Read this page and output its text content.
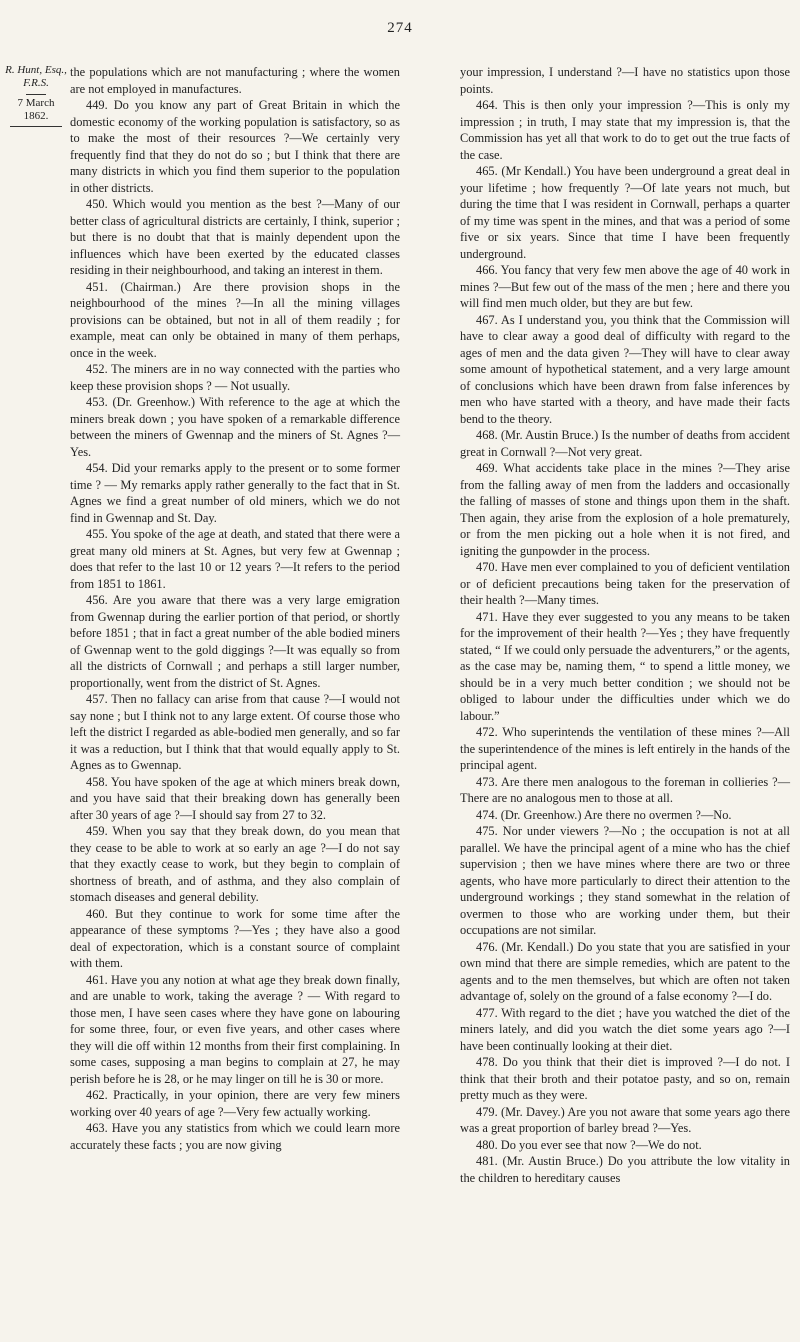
274
R. Hunt, Esq.,
F.R.S.
7 March 1862.

the populations which are not manufacturing ; where the women are not employed in manufactures.

449. Do you know any part of Great Britain in which the domestic economy of the working population is satisfactory, so as to make the most of their resources ?—We certainly very frequently find that they do not do so ; but I think that there are many districts in which you find them superior to the population in other districts.

450. Which would you mention as the best ?—Many of our better class of agricultural districts are certainly, I think, superior ; but there is no doubt that that is mainly dependent upon the influences which have been exerted by the educated classes residing in their neighbourhood, and taking an interest in them.

451. (Chairman.) Are there provision shops in the neighbourhood of the mines ?—In all the mining villages provisions can be obtained, but not in all of them readily ; for example, meat can only be obtained in many of them perhaps, once in the week.

452. The miners are in no way connected with the parties who keep these provision shops ? — Not usually.

453. (Dr. Greenhow.) With reference to the age at which the miners break down ; you have spoken of a remarkable difference between the miners of Gwennap and the miners of St. Agnes ?—Yes.

454. Did your remarks apply to the present or to some former time ? — My remarks apply rather generally to the fact that in St. Agnes we find a great number of old miners, which we do not find in Gwennap and St. Day.

455. You spoke of the age at death, and stated that there were a great many old miners at St. Agnes, but very few at Gwennap ; does that refer to the last 10 or 12 years ?—It refers to the period from 1851 to 1861.

456. Are you aware that there was a very large emigration from Gwennap during the earlier portion of that period, or shortly before 1851 ; that in fact a great number of the able bodied miners of Gwennap went to the gold diggings ?—It was equally so from all the districts of Cornwall ; and perhaps a still larger number, proportionally, went from the district of St. Agnes.

457. Then no fallacy can arise from that cause ?—I would not say none ; but I think not to any large extent. Of course those who left the district I regarded as able-bodied men generally, and so far it was a reduction, but I think that that would equally apply to St. Agnes as to Gwennap.

458. You have spoken of the age at which miners break down, and you have said that their breaking down has generally been after 30 years of age ?—I should say from 27 to 32.

459. When you say that they break down, do you mean that they cease to be able to work at so early an age ?—I do not say that they exactly cease to work, but they begin to complain of shortness of breath, and of asthma, and they also complain of stomach diseases and general debility.

460. But they continue to work for some time after the appearance of these symptoms ?—Yes ; they have also a good deal of expectoration, which is a constant source of complaint with them.

461. Have you any notion at what age they break down finally, and are unable to work, taking the average ? — With regard to those men, I have seen cases where they have gone on labouring for some three, four, or even five years, and other cases where they will die off within 12 months from their first complaining. In some cases, supposing a man begins to complain at 27, he may perish before he is 28, or he may linger on till he is 30 or more.

462. Practically, in your opinion, there are very few miners working over 40 years of age ?—Very few actually working.

463. Have you any statistics from which we could learn more accurately these facts ; you are now giving

your impression, I understand ?—I have no statistics upon those points.

464. This is then only your impression ?—This is only my impression ; in truth, I may state that my impression is, that the Commission has yet all that work to do to get out the true facts of the case.

465. (Mr Kendall.) You have been underground a great deal in your lifetime ; how frequently ?—Of late years not much, but during the time that I was resident in Cornwall, perhaps a quarter of my time was spent in the mines, and that was a period of some five or six years. Since that time I have been frequently underground.

466. You fancy that very few men above the age of 40 work in mines ?—But few out of the mass of the men ; here and there you will find men much older, but they are but few.

467. As I understand you, you think that the Commission will have to clear away a good deal of difficulty with regard to the ages of men and the data given ?—They will have to clear away some amount of hypothetical statement, and a very large amount of conclusions which have been drawn from false inferences by men who have started with a theory, and have made their facts bend to the theory.

468. (Mr. Austin Bruce.) Is the number of deaths from accident great in Cornwall ?—Not very great.

469. What accidents take place in the mines ?—They arise from the falling away of men from the ladders and occasionally the falling of masses of stone and things upon them in the shaft. Then again, they arise from the explosion of a hole prematurely, or from the men picking out a hole when it is not fired, and igniting the gunpowder in the process.

470. Have men ever complained to you of deficient ventilation or of deficient precautions being taken for the preservation of their health ?—Many times.

471. Have they ever suggested to you any means to be taken for the improvement of their health ?—Yes ; they have frequently stated, “ If we could only persuade the adventurers,” or the agents, as the case may be, naming them, “ to spend a little money, we should be in a very much better condition ; we should not be obliged to labour under the difficulties under which we do labour.”

472. Who superintends the ventilation of these mines ?—All the superintendence of the mines is left entirely in the hands of the principal agent.

473. Are there men analogous to the foreman in collieries ?—There are no analogous men to those at all.

474. (Dr. Greenhow.) Are there no overmen ?—No.

475. Nor under viewers ?—No ; the occupation is not at all parallel. We have the principal agent of a mine who has the chief supervision ; then we have mines where there are two or three agents, who have more particularly to direct their attention to the underground workings ; they stand somewhat in the relation of overmen to those who are working under them, but their occupations are not similar.

476. (Mr. Kendall.) Do you state that you are satisfied in your own mind that there are simple remedies, which are patent to the agents and to the men themselves, but which are often not taken advantage of, solely on the ground of a false economy ?—I do.

477. With regard to the diet ; have you watched the diet of the miners lately, and did you watch the diet some years ago ?—I have been continually looking at their diet.

478. Do you think that their diet is improved ?—I do not. I think that their broth and their potatoe pasty, and so on, remain pretty much as they were.

479. (Mr. Davey.) Are you not aware that some years ago there was a great proportion of barley bread ?—Yes.

480. Do you ever see that now ?—We do not.

481. (Mr. Austin Bruce.) Do you attribute the low vitality in the children to hereditary causes
